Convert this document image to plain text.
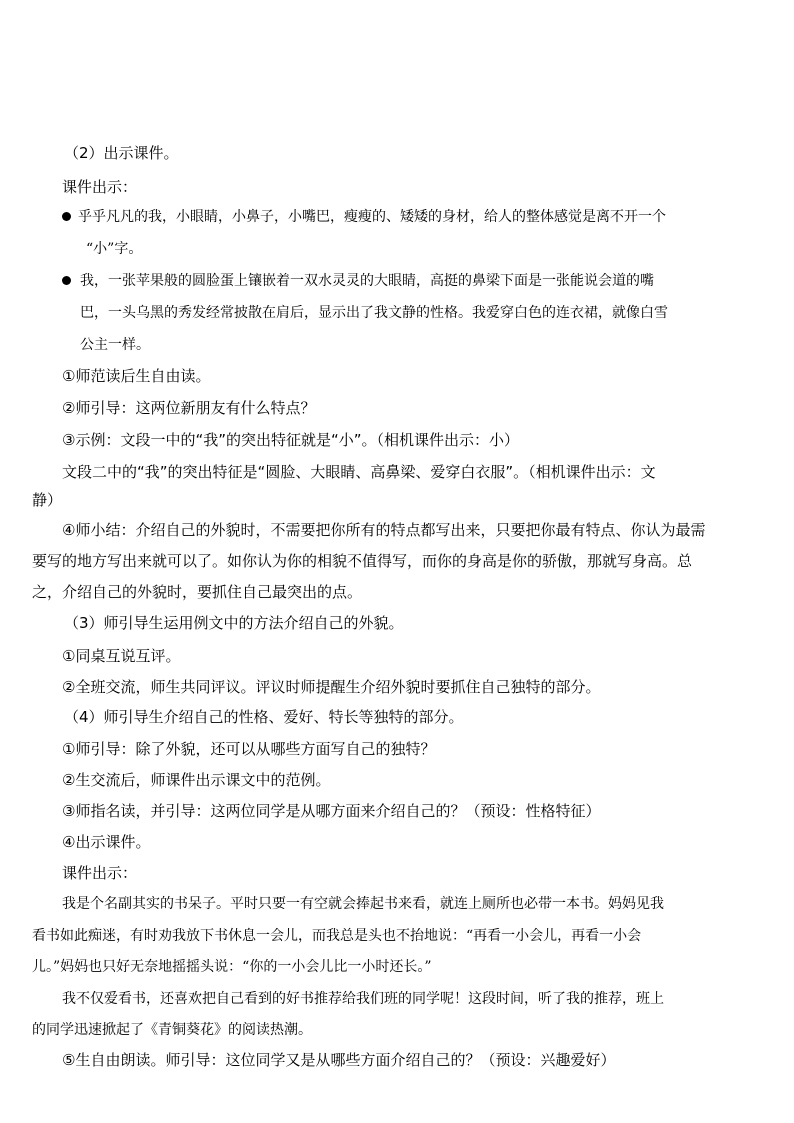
（2）出示课件。
课件出示：
乎乎凡凡的我，小眼睛，小鼻子，小嘴巴，瘦瘦的、矮矮的身材，给人的整体感觉是离不开一个
“小”字。
我，一张苹果般的圆脸蛋上镶嵌着一双水灵灵的大眼睛，高挺的鼻梁下面是一张能说会道的嘴
巴，一头乌黑的秀发经常披散在肩后，显示出了我文静的性格。我爱穿白色的连衣裙，就像白雪
公主一样。
①师范读后生自由读。
②师引导：这两位新朋友有什么特点？
③示例：文段一中的“我”的突出特征就是“小”。（相机课件出示：小）
文段二中的“我”的突出特征是“圆脸、大眼睛、高鼻梁、爱穿白衣服”。（相机课件出示：文
静）
④师小结：介绍自己的外貌时，不需要把你所有的特点都写出来，只要把你最有特点、你认为最需
要写的地方写出来就可以了。如你认为你的相貌不值得写，而你的身高是你的骄傲，那就写身高。总
之，介绍自己的外貌时，要抓住自己最突出的点。
（3）师引导生运用例文中的方法介绍自己的外貌。
①同桌互说互评。
②全班交流，师生共同评议。评议时师提醒生介绍外貌时要抓住自己独特的部分。
（4）师引导生介绍自己的性格、爱好、特长等独特的部分。
①师引导：除了外貌，还可以从哪些方面写自己的独特？
②生交流后，师课件出示课文中的范例。
③师指名读，并引导：这两位同学是从哪方面来介绍自己的？（预设：性格特征）
④出示课件。
课件出示：
我是个名副其实的书呆子。平时只要一有空就会捧起书来看，就连上厕所也必带一本书。妈妈见我
看书如此痴迷，有时劝我放下书休息一会儿，而我总是头也不抬地说：“再看一小会儿，再看一小会
儿。”妈妈也只好无奈地摇摇头说：“你的一小会儿比一小时还长。”
我不仅爱看书，还喜欢把自己看到的好书推荐给我们班的同学呢！这段时间，听了我的推荐，班上
的同学迅速掀起了《青铜葵花》的阅读热潮。
⑤生自由朗读。师引导：这位同学又是从哪些方面介绍自己的？（预设：兴趣爱好）
